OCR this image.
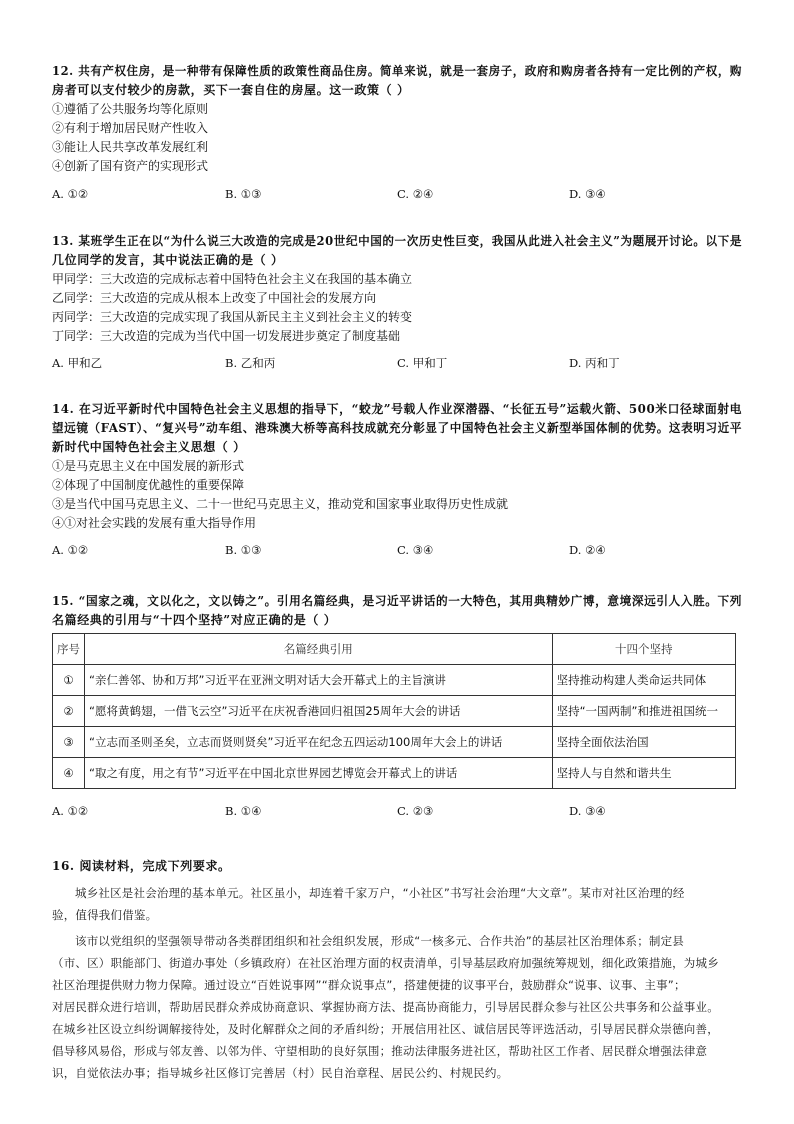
12. 共有产权住房，是一种带有保障性质的政策性商品住房。简单来说，就是一套房子，政府和购房者各持有一定比例的产权，购
房者可以支付较少的房款，买下一套自住的房屋。这一政策（ ）
①遵循了公共服务均等化原则
②有利于增加居民财产性收入
③能让人民共享改革发展红利
④创新了国有资产的实现形式
A. ①②	B. ①③	C. ②④	D. ③④
13. 某班学生正在以“为什么说三大改造的完成是20世纪中国的一次历史性巨变，我国从此进入社会主义”为题展开讨论。以下是
几位同学的发言，其中说法正确的是（ ）
甲同学：三大改造的完成标志着中国特色社会主义在我国的基本确立
乙同学：三大改造的完成从根本上改变了中国社会的发展方向
丙同学：三大改造的完成实现了我国从新民主主义到社会主义的转变
丁同学：三大改造的完成为当代中国一切发展进步奠定了制度基础
A. 甲和乙	B. 乙和丙	C. 甲和丁	D. 丙和丁
14. 在习近平新时代中国特色社会主义思想的指导下，“蛟龙”号载人作业深潜器、“长征五号”运载火箭、500米口径球面射电
望远镜（FAST）、“复兴号”动车组、港珠澳大桥等高科技成就充分彰显了中国特色社会主义新型举国体制的优势。这表明习近平
新时代中国特色社会主义思想（ ）
①是马克思主义在中国发展的新形式
②体现了中国制度优越性的重要保障
③是当代中国马克思主义、二十一世纪马克思主义，推动党和国家事业取得历史性成就
④①对社会实践的发展有重大指导作用
A. ①②	B. ①③	C. ③④	D. ②④
15. “国家之魂，文以化之，文以铸之”。引用名篇经典，是习近平讲话的一大特色，其用典精妙广博，意境深远引人入胜。下列
名篇经典的引用与“十四个坚持”对应正确的是（ ）
序号	名篇经典引用	十四个坚持
①	“亲仁善邻、协和万邦”习近平在亚洲文明对话大会开幕式上的主旨演讲	坚持推动构建人类命运共同体
②	“愿将黄鹤翅，一借飞云空”习近平在庆祝香港回归祖国25周年大会的讲话	坚持“一国两制”和推进祖国统一
③	“立志而圣则圣矣，立志而贤则贤矣”习近平在纪念五四运动100周年大会上的讲话	坚持全面依法治国
④	“取之有度，用之有节”习近平在中国北京世界园艺博览会开幕式上的讲话	坚持人与自然和谐共生
A. ①②	B. ①④	C. ②③	D. ③④
16. 阅读材料，完成下列要求。
城乡社区是社会治理的基本单元。社区虽小，却连着千家万户，“小社区”书写社会治理“大文章”。某市对社区治理的经
验，值得我们借鉴。
该市以党组织的坚强领导带动各类群团组织和社会组织发展，形成“一核多元、合作共治”的基层社区治理体系；制定县
（市、区）职能部门、街道办事处（乡镇政府）在社区治理方面的权责清单，引导基层政府加强统筹规划，细化政策措施，为城乡
社区治理提供财力物力保障。通过设立“百姓说事网”“群众说事点”，搭建便捷的议事平台，鼓励群众“说事、议事、主事”；
对居民群众进行培训，帮助居民群众养成协商意识、掌握协商方法、提高协商能力，引导居民群众参与社区公共事务和公益事业。
在城乡社区设立纠纷调解接待处，及时化解群众之间的矛盾纠纷；开展信用社区、诚信居民等评选活动，引导居民群众崇德向善，
倡导移风易俗，形成与邻友善、以邻为伴、守望相助的良好氛围；推动法律服务进社区，帮助社区工作者、居民群众增强法律意
识，自觉依法办事；指导城乡社区修订完善居（村）民自治章程、居民公约、村规民约。
